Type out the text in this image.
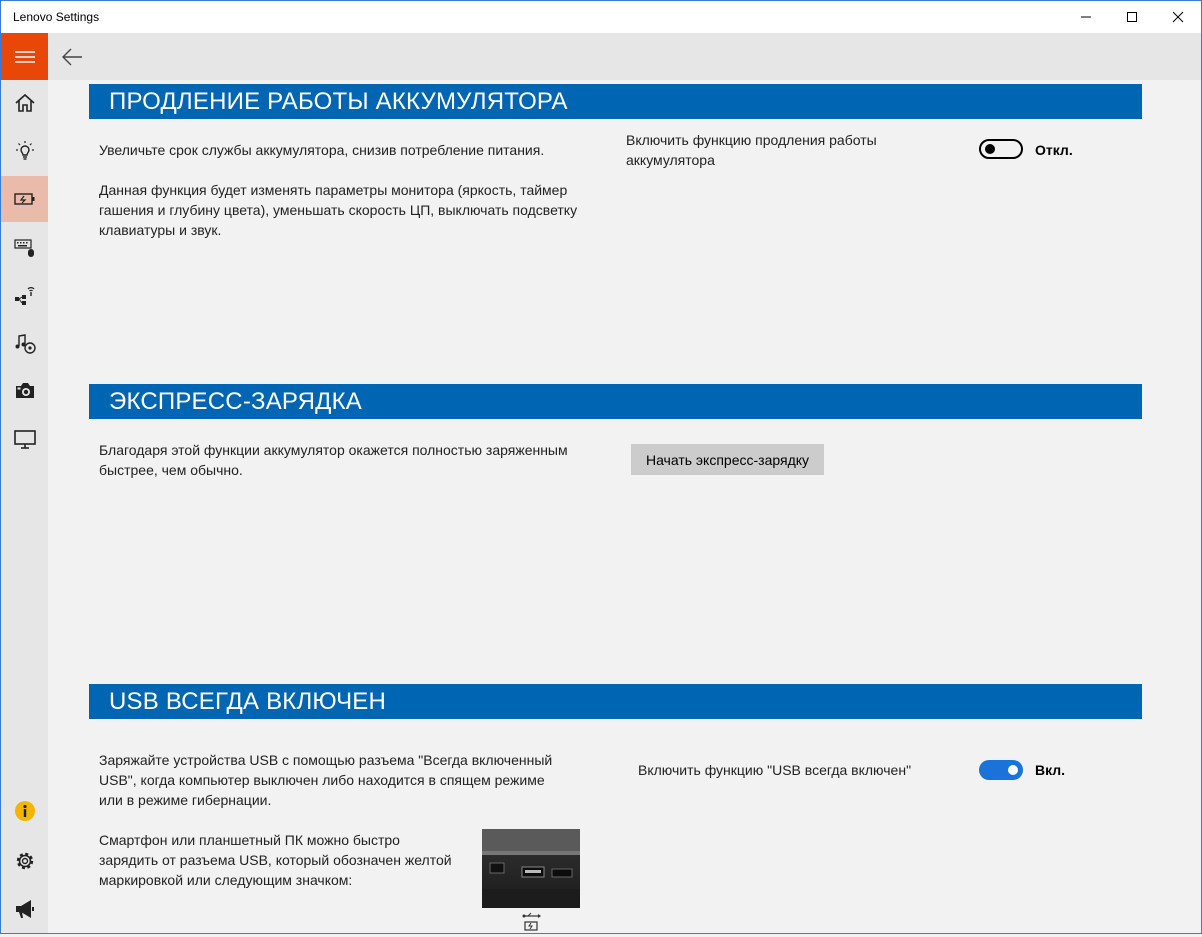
Lenovo Settings
ПРОДЛЕНИЕ РАБОТЫ АККУМУЛЯТОРА
Увеличьте срок службы аккумулятора, снизив потребление питания.
Данная функция будет изменять параметры монитора (яркость, таймер
гашения и глубину цвета), уменьшать скорость ЦП, выключать подсветку
клавиатуры и звук.
Включить функцию продления работы
аккумулятора
Откл.
ЭКСПРЕСС-ЗАРЯДКА
Благодаря этой функции аккумулятор окажется полностью заряженным
быстрее, чем обычно.
Начать экспресс-зарядку
USB ВСЕГДА ВКЛЮЧЕН
Заряжайте устройства USB с помощью разъема "Всегда включенный
USB", когда компьютер выключен либо находится в спящем режиме
или в режиме гибернации.
Смартфон или планшетный ПК можно быстро
зарядить от разъема USB, который обозначен желтой
маркировкой или следующим значком:
Включить функцию "USB всегда включен"	Вкл.
